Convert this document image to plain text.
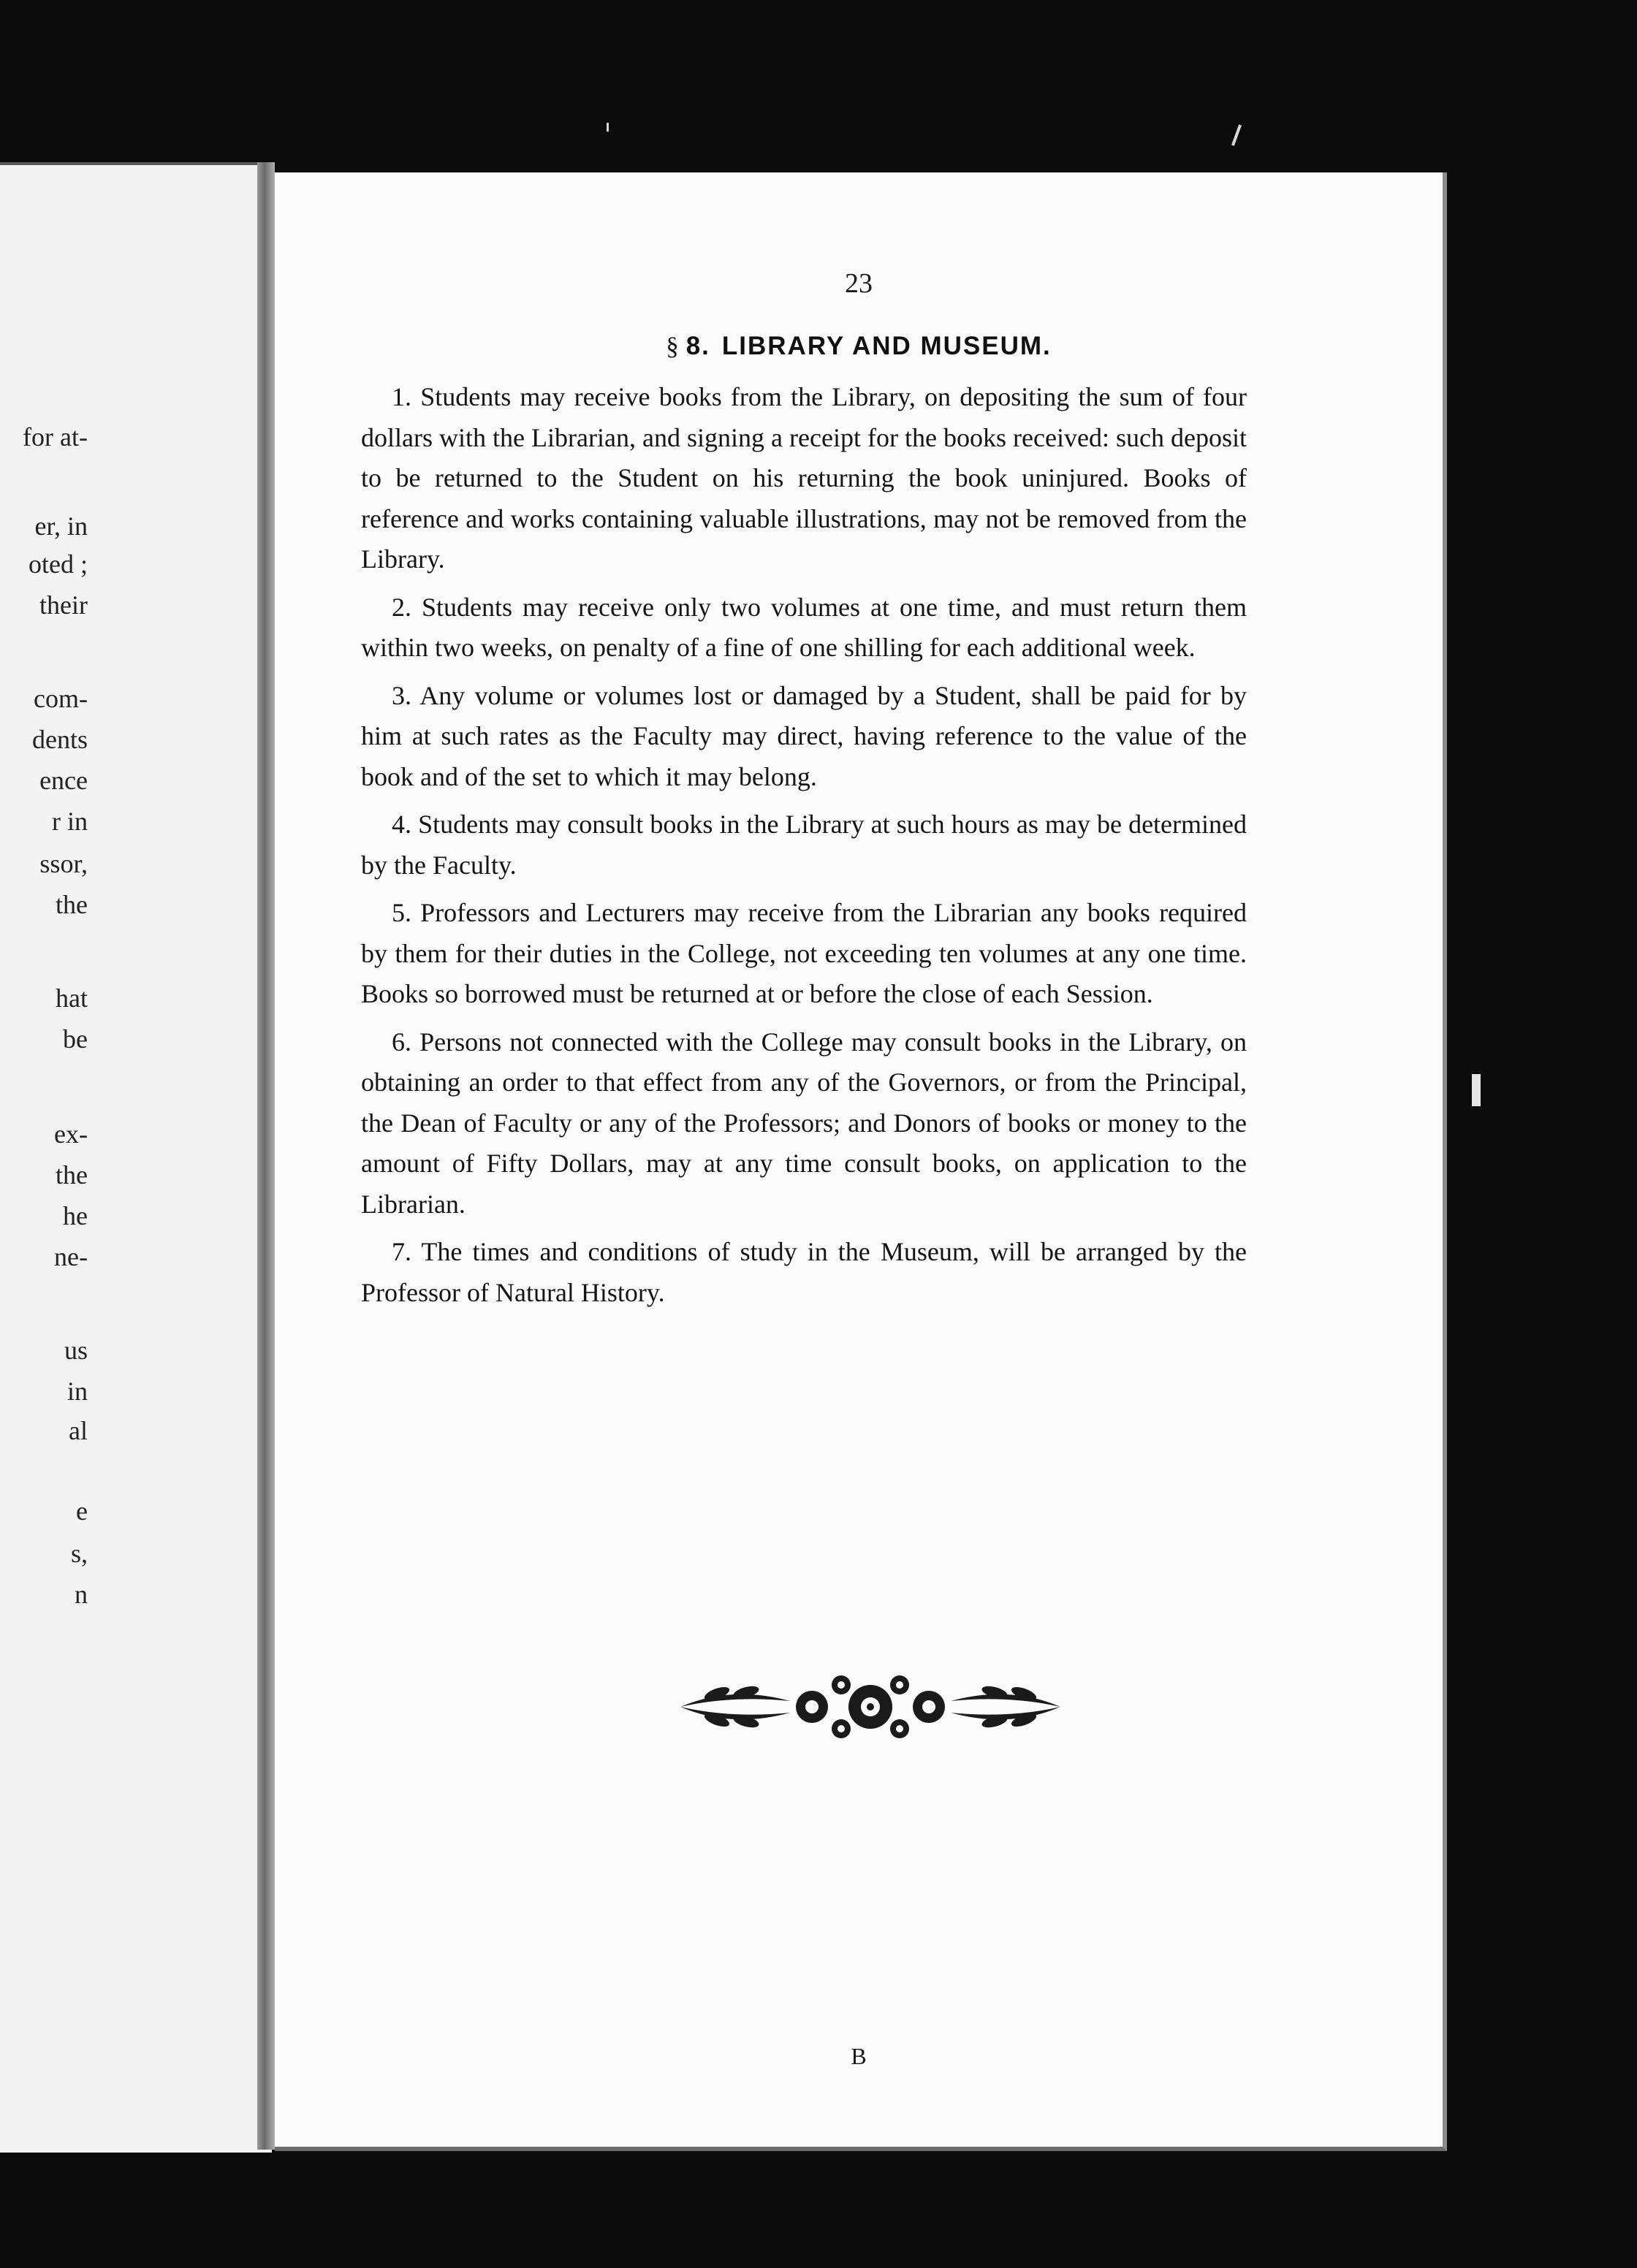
for at-
er, in
oted ;
their
com-
dents
ence
r in
ssor,
the
hat
be
ex-
the
he
ne-
us
in
al
e
s,
n
23
§ 8. LIBRARY AND MUSEUM.

1. Students may receive books from the Library, on depositing the sum of four dollars with the Librarian, and signing a receipt for the books received: such deposit to be returned to the Student on his returning the book uninjured. Books of reference and works containing valuable illustrations, may not be removed from the Library.

2. Students may receive only two volumes at one time, and must return them within two weeks, on penalty of a fine of one shilling for each additional week.

3. Any volume or volumes lost or damaged by a Student, shall be paid for by him at such rates as the Faculty may direct, having reference to the value of the book and of the set to which it may belong.

4. Students may consult books in the Library at such hours as may be determined by the Faculty.

5. Professors and Lecturers may receive from the Librarian any books required by them for their duties in the College, not exceeding ten volumes at any one time. Books so borrowed must be returned at or before the close of each Session.

6. Persons not connected with the College may consult books in the Library, on obtaining an order to that effect from any of the Governors, or from the Principal, the Dean of Faculty or any of the Professors; and Donors of books or money to the amount of Fifty Dollars, may at any time consult books, on application to the Librarian.

7. The times and conditions of study in the Museum, will be arranged by the Professor of Natural History.

B
